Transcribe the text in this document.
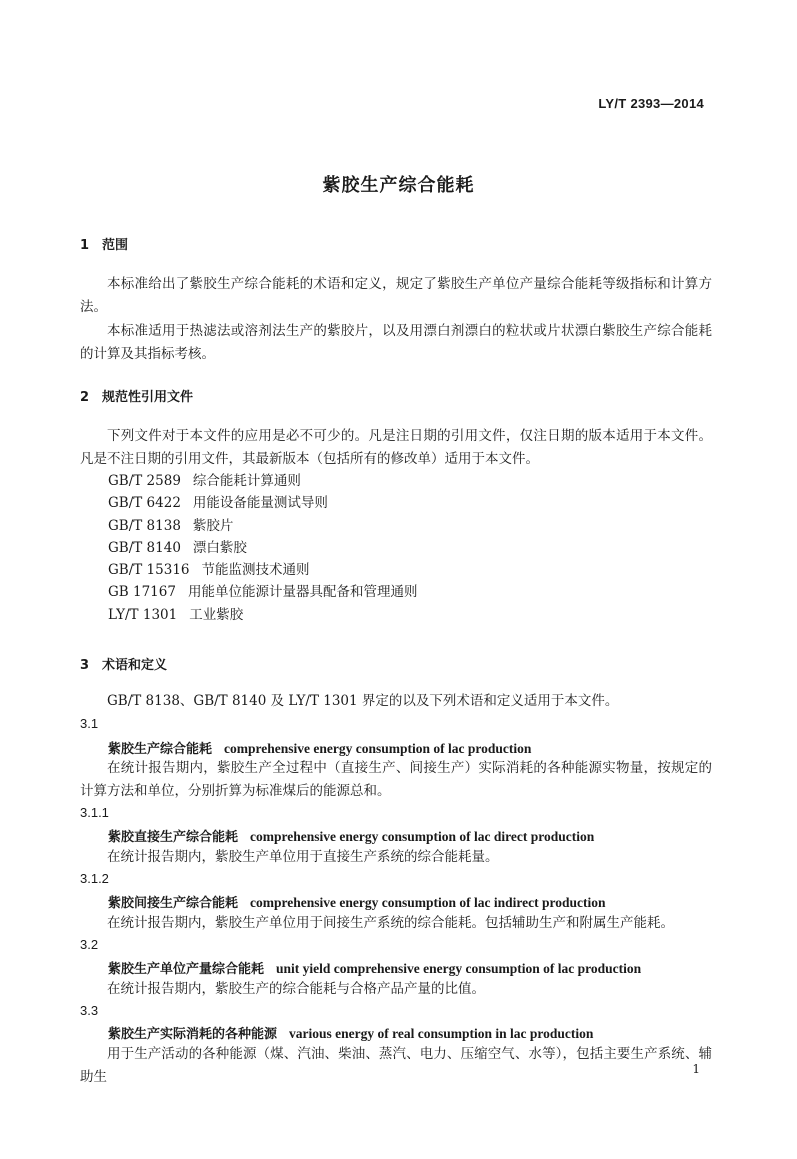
LY/T 2393—2014
紫胶生产综合能耗
1 范围
本标准给出了紫胶生产综合能耗的术语和定义，规定了紫胶生产单位产量综合能耗等级指标和计算方法。
本标准适用于热滤法或溶剂法生产的紫胶片，以及用漂白剂漂白的粒状或片状漂白紫胶生产综合能耗的计算及其指标考核。
2 规范性引用文件
下列文件对于本文件的应用是必不可少的。凡是注日期的引用文件，仅注日期的版本适用于本文件。凡是不注日期的引用文件，其最新版本（包括所有的修改单）适用于本文件。
GB/T 2589 综合能耗计算通则
GB/T 6422 用能设备能量测试导则
GB/T 8138 紫胶片
GB/T 8140 漂白紫胶
GB/T 15316 节能监测技术通则
GB 17167 用能单位能源计量器具配备和管理通则
LY/T 1301 工业紫胶
3 术语和定义
GB/T 8138、GB/T 8140 及 LY/T 1301 界定的以及下列术语和定义适用于本文件。
3.1
紫胶生产综合能耗 comprehensive energy consumption of lac production
在统计报告期内，紫胶生产全过程中（直接生产、间接生产）实际消耗的各种能源实物量，按规定的计算方法和单位，分别折算为标准煤后的能源总和。
3.1.1
紫胶直接生产综合能耗 comprehensive energy consumption of lac direct production
在统计报告期内，紫胶生产单位用于直接生产系统的综合能耗量。
3.1.2
紫胶间接生产综合能耗 comprehensive energy consumption of lac indirect production
在统计报告期内，紫胶生产单位用于间接生产系统的综合能耗。包括辅助生产和附属生产能耗。
3.2
紫胶生产单位产量综合能耗 unit yield comprehensive energy consumption of lac production
在统计报告期内，紫胶生产的综合能耗与合格产品产量的比值。
3.3
紫胶生产实际消耗的各种能源 various energy of real consumption in lac production
用于生产活动的各种能源（煤、汽油、柴油、蒸汽、电力、压缩空气、水等），包括主要生产系统、辅助生	1
